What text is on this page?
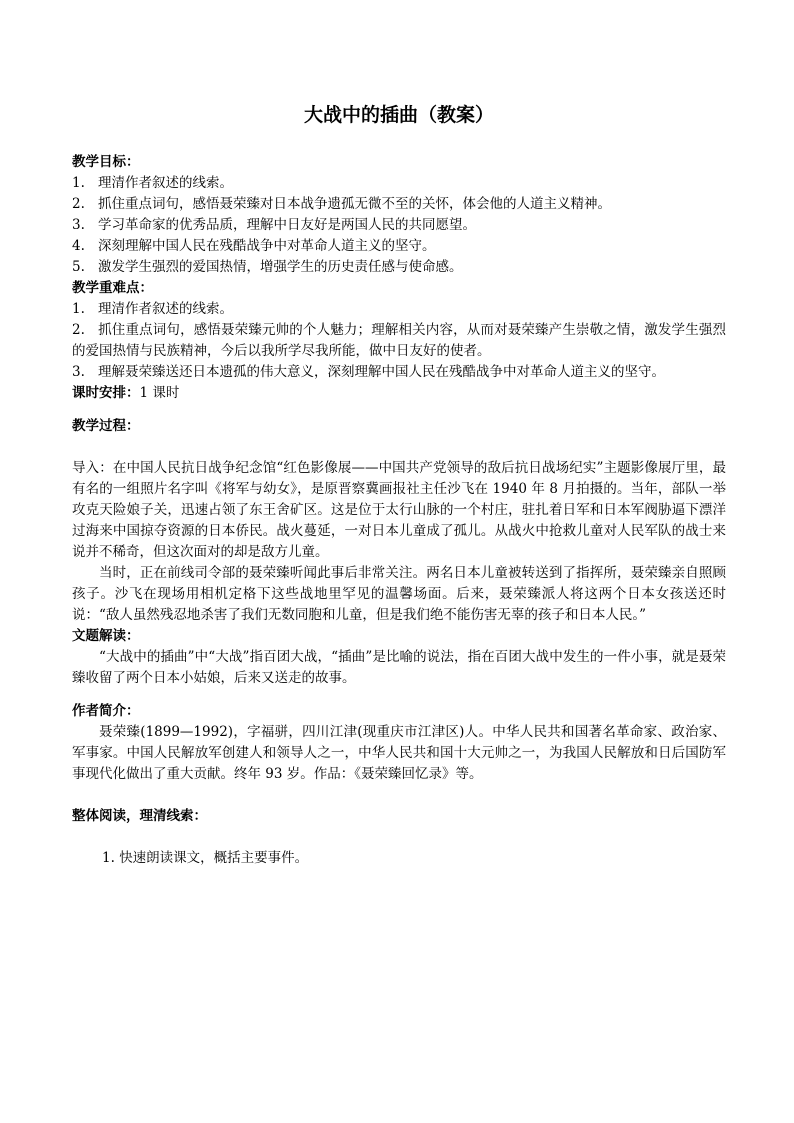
大战中的插曲（教案）

教学目标：

1. 理清作者叙述的线索。

2. 抓住重点词句，感悟聂荣臻对日本战争遗孤无微不至的关怀，体会他的人道主义精神。

3. 学习革命家的优秀品质，理解中日友好是两国人民的共同愿望。

4. 深刻理解中国人民在残酷战争中对革命人道主义的坚守。

5. 激发学生强烈的爱国热情，增强学生的历史责任感与使命感。

教学重难点：

1. 理清作者叙述的线索。

2. 抓住重点词句，感悟聂荣臻元帅的个人魅力；理解相关内容，从而对聂荣臻产生崇敬之情，激发学生强烈的爱国热情与民族精神，今后以我所学尽我所能，做中日友好的使者。

3. 理解聂荣臻送还日本遗孤的伟大意义，深刻理解中国人民在残酷战争中对革命人道主义的坚守。

课时安排：1 课时

教学过程：

导入：在中国人民抗日战争纪念馆“红色影像展——中国共产党领导的敌后抗日战场纪实”主题影像展厅里，最有名的一组照片名字叫《将军与幼女》，是原晋察冀画报社主任沙飞在 1940 年 8 月拍摄的。当年，部队一举攻克天险娘子关，迅速占领了东王舍矿区。这是位于太行山脉的一个村庄，驻扎着日军和日本军阀胁逼下漂洋过海来中国掠夺资源的日本侨民。战火蔓延，一对日本儿童成了孤儿。从战火中抢救儿童对人民军队的战士来说并不稀奇，但这次面对的却是敌方儿童。

当时，正在前线司令部的聂荣臻听闻此事后非常关注。两名日本儿童被转送到了指挥所，聂荣臻亲自照顾孩子。沙飞在现场用相机定格下这些战地里罕见的温馨场面。后来，聂荣臻派人将这两个日本女孩送还时说：“敌人虽然残忍地杀害了我们无数同胞和儿童，但是我们绝不能伤害无辜的孩子和日本人民。”

文题解读：

“大战中的插曲”中“大战”指百团大战，“插曲”是比喻的说法，指在百团大战中发生的一件小事，就是聂荣臻收留了两个日本小姑娘，后来又送走的故事。

作者简介：

聂荣臻(1899—1992)，字福骈，四川江津(现重庆市江津区)人。中华人民共和国著名革命家、政治家、军事家。中国人民解放军创建人和领导人之一，中华人民共和国十大元帅之一，为我国人民解放和日后国防军事现代化做出了重大贡献。终年 93 岁。作品：《聂荣臻回忆录》等。

整体阅读，理清线索：

1. 快速朗读课文，概括主要事件。
